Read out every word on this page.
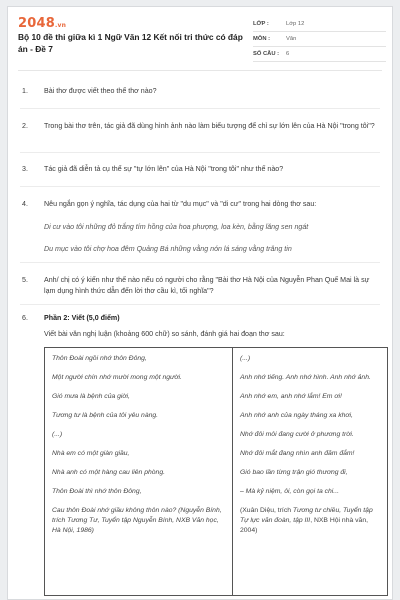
2048.vn
Bộ 10 đề thi giữa kì 1 Ngữ Văn 12 Kết nối tri thức có đáp án - Đề 7
LỚP :	Lớp 12
MÔN :	Văn
SỐ CÂU :	6
1. Bài thơ được viết theo thể thơ nào?
2. Trong bài thơ trên, tác giả đã dùng hình ảnh nào làm biểu tượng để chỉ sự lớn lên của Hà Nội "trong tôi"?
3. Tác giả đã diễn tả cụ thể sự "tự lớn lên" của Hà Nội "trong tôi" như thế nào?
4. Nêu ngắn gọn ý nghĩa, tác dụng của hai từ "du mục" và "di cư" trong hai dòng thơ sau:
Di cư vào tôi những đỏ trắng tím hồng của hoa phượng, loa kèn, bằng lăng sen ngát
Du mục vào tôi chợ hoa đêm Quảng Bá những vằng nón lá sáng vằng trăng tin
5. Anh/ chị có ý kiến như thế nào nếu có người cho rằng "Bài thơ Hà Nội của Nguyễn Phan Quế Mai là sự lạm dụng hình thức dẫn đến lời thơ cầu kì, tối nghĩa"?
6. Phần 2: Viết (5,0 điểm)
Viết bài văn nghị luận (khoảng 600 chữ) so sánh, đánh giá hai đoạn thơ sau:
Thôn Đoài ngồi nhớ thôn Đông,
Một người chín nhớ mười mong một người.
Gió mưa là bệnh của giời,
Tương tư là bệnh của tôi yêu nàng.
(...)
Nhà em có một giàn giầu,
Nhà anh có một hàng cau liên phòng.
Thôn Đoài thì nhớ thôn Đông,
Cau thôn Đoài nhớ giầu không thôn nào? (Nguyễn Bính, trích Tương Tư, Tuyển tập Nguyễn Bính, NXB Văn học, Hà Nội, 1986)
(...)
Anh nhớ tiếng. Anh nhớ hình. Anh nhớ ảnh.
Anh nhớ em, anh nhớ lắm! Em ơi!
Anh nhớ anh của ngày tháng xa khơi,
Nhớ đôi môi đang cười ở phương trời.
Nhớ đôi mắt đang nhìn anh đăm đắm!
Gió bao lần từng trận gió thương đi,
– Mà kỷ niệm, ôi, còn gọi ta chi...
(Xuân Diệu, trích Tương tư chiều, Tuyển tập Tự lực văn đoàn, tập III, NXB Hội nhà văn, 2004)
